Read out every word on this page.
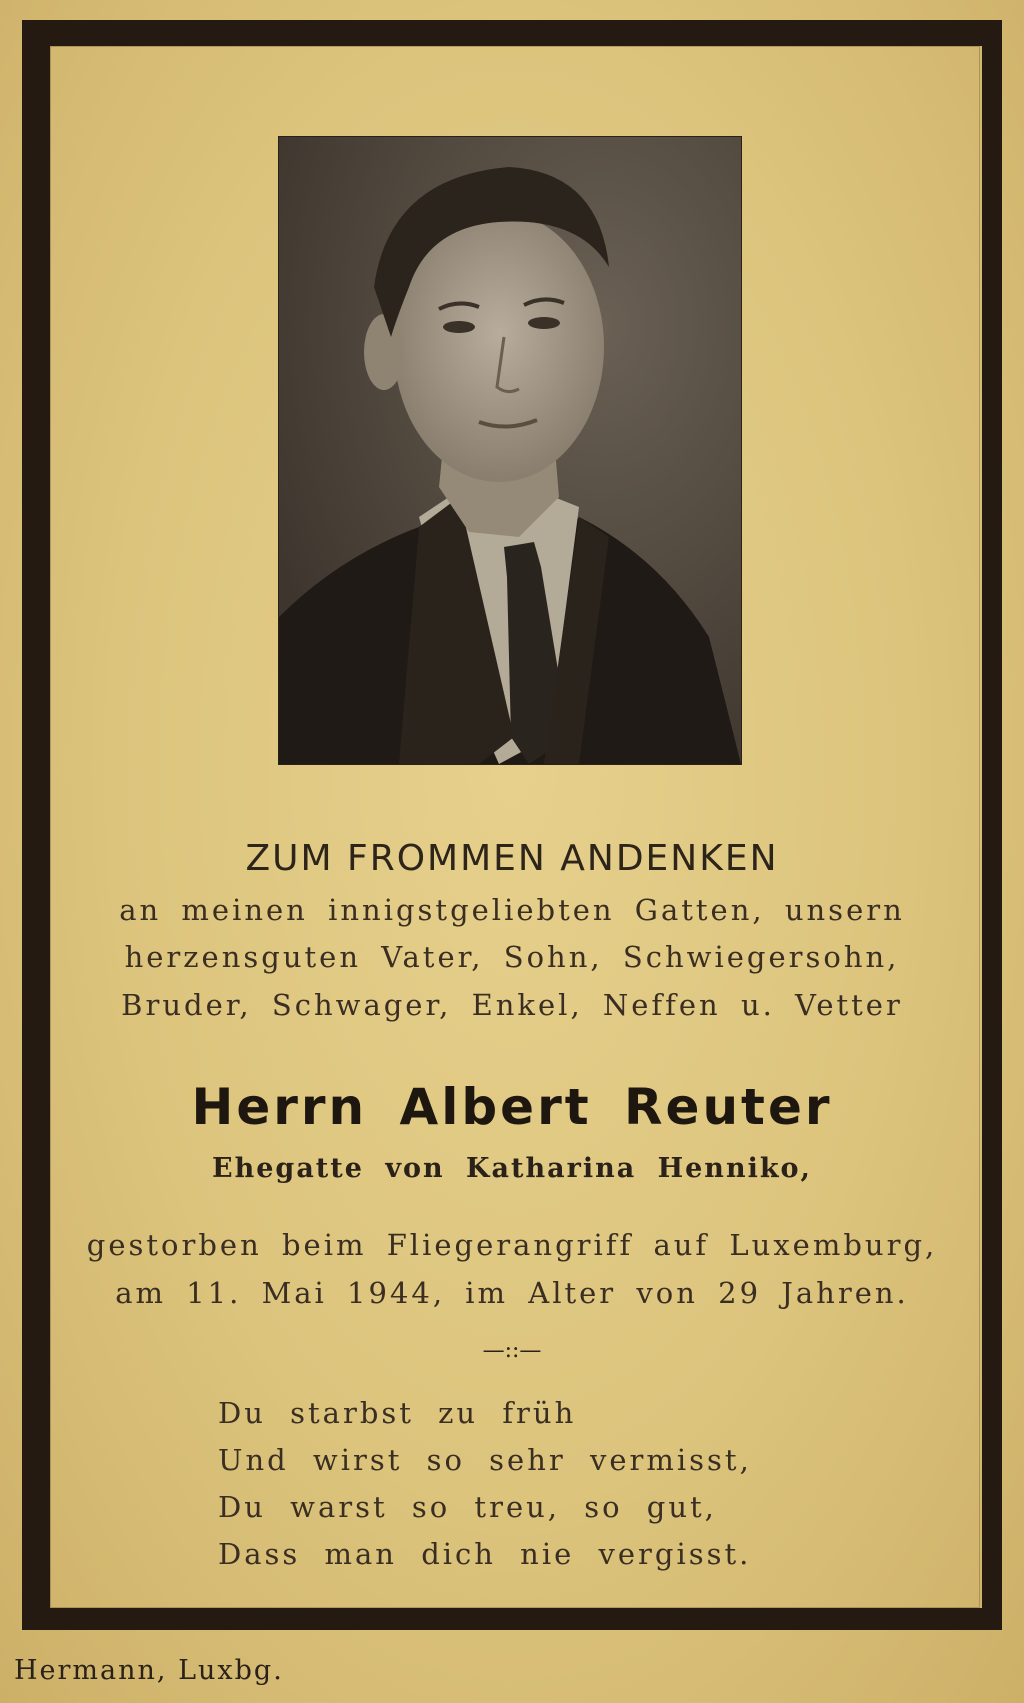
ZUM FROMMEN ANDENKEN
an meinen innigstgeliebten Gatten, unsern
herzensguten Vater, Sohn, Schwiegersohn,
Bruder, Schwager, Enkel, Neffen u. Vetter
Herrn Albert Reuter
Ehegatte von Katharina Henniko,
gestorben beim Fliegerangriff auf Luxemburg,
am 11. Mai 1944, im Alter von 29 Jahren.
—::—
Du starbst zu früh
Und wirst so sehr vermisst,
Du warst so treu, so gut,
Dass man dich nie vergisst.
Hermann, Luxbg.
